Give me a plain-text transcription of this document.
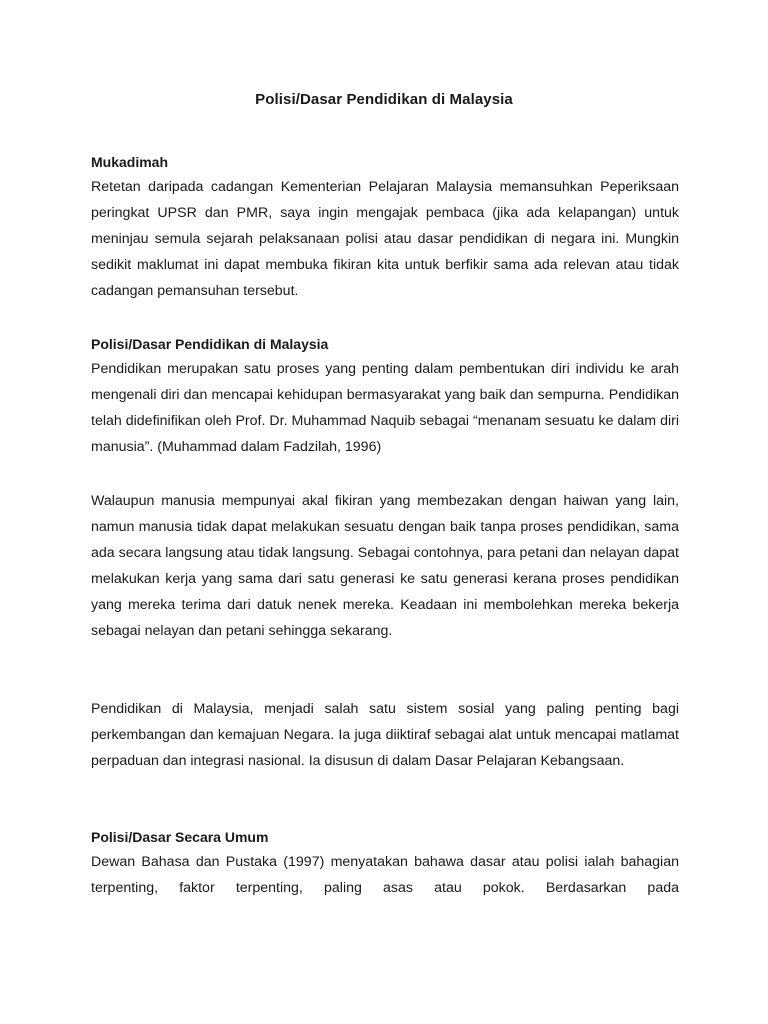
Polisi/Dasar Pendidikan di Malaysia
Mukadimah

Retetan daripada cadangan Kementerian Pelajaran Malaysia memansuhkan Peperiksaan peringkat UPSR dan PMR, saya ingin mengajak pembaca (jika ada kelapangan) untuk meninjau semula sejarah pelaksanaan polisi atau dasar pendidikan di negara ini. Mungkin sedikit maklumat ini dapat membuka fikiran kita untuk berfikir sama ada relevan atau tidak cadangan pemansuhan tersebut.

Polisi/Dasar Pendidikan di Malaysia

Pendidikan merupakan satu proses yang penting dalam pembentukan diri individu ke arah mengenali diri dan mencapai kehidupan bermasyarakat yang baik dan sempurna. Pendidikan telah didefinifikan oleh Prof. Dr. Muhammad Naquib sebagai “menanam sesuatu ke dalam diri manusia”. (Muhammad dalam Fadzilah, 1996)

Walaupun manusia mempunyai akal fikiran yang membezakan dengan haiwan yang lain, namun manusia tidak dapat melakukan sesuatu dengan baik tanpa proses pendidikan, sama ada secara langsung atau tidak langsung. Sebagai contohnya, para petani dan nelayan dapat melakukan kerja yang sama dari satu generasi ke satu generasi kerana proses pendidikan yang mereka terima dari datuk nenek mereka. Keadaan ini membolehkan mereka bekerja sebagai nelayan dan petani sehingga sekarang.

Pendidikan di Malaysia, menjadi salah satu sistem sosial yang paling penting bagi perkembangan dan kemajuan Negara. Ia juga diiktiraf sebagai alat untuk mencapai matlamat perpaduan dan integrasi nasional. Ia disusun di dalam Dasar Pelajaran Kebangsaan.

Polisi/Dasar Secara Umum

Dewan Bahasa dan Pustaka (1997) menyatakan bahawa dasar atau polisi ialah bahagian terpenting, faktor terpenting, paling asas atau pokok. Berdasarkan pada
